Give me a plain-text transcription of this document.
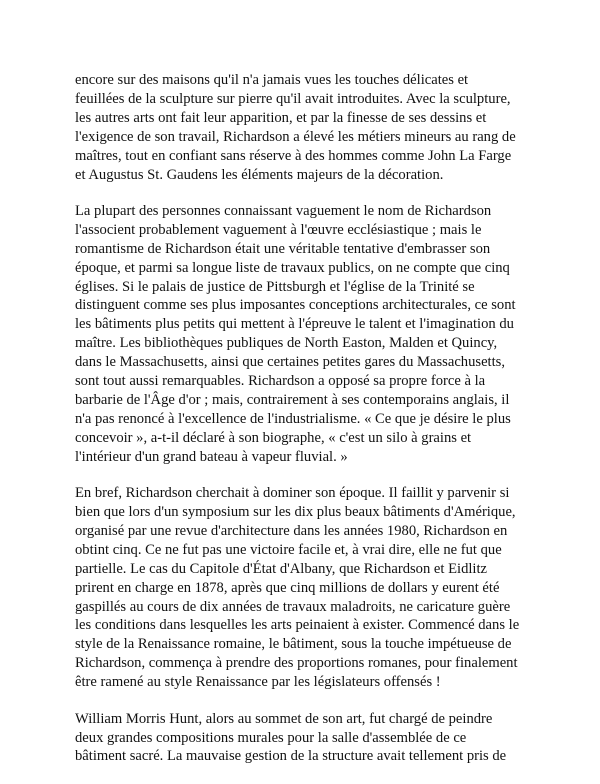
encore sur des maisons qu'il n'a jamais vues les touches délicates et
feuillées de la sculpture sur pierre qu'il avait introduites. Avec la sculpture,
les autres arts ont fait leur apparition, et par la finesse de ses dessins et
l'exigence de son travail, Richardson a élevé les métiers mineurs au rang de
maîtres, tout en confiant sans réserve à des hommes comme John La Farge
et Augustus St. Gaudens les éléments majeurs de la décoration.

La plupart des personnes connaissant vaguement le nom de Richardson
l'associent probablement vaguement à l'œuvre ecclésiastique ; mais le
romantisme de Richardson était une véritable tentative d'embrasser son
époque, et parmi sa longue liste de travaux publics, on ne compte que cinq
églises. Si le palais de justice de Pittsburgh et l'église de la Trinité se
distinguent comme ses plus imposantes conceptions architecturales, ce sont
les bâtiments plus petits qui mettent à l'épreuve le talent et l'imagination du
maître. Les bibliothèques publiques de North Easton, Malden et Quincy,
dans le Massachusetts, ainsi que certaines petites gares du Massachusetts,
sont tout aussi remarquables. Richardson a opposé sa propre force à la
barbarie de l'Âge d'or ; mais, contrairement à ses contemporains anglais, il
n'a pas renoncé à l'excellence de l'industrialisme. « Ce que je désire le plus
concevoir », a-t-il déclaré à son biographe, « c'est un silo à grains et
l'intérieur d'un grand bateau à vapeur fluvial. »

En bref, Richardson cherchait à dominer son époque. Il faillit y parvenir si
bien que lors d'un symposium sur les dix plus beaux bâtiments d'Amérique,
organisé par une revue d'architecture dans les années 1980, Richardson en
obtint cinq. Ce ne fut pas une victoire facile et, à vrai dire, elle ne fut que
partielle. Le cas du Capitole d'État d'Albany, que Richardson et Eidlitz
prirent en charge en 1878, après que cinq millions de dollars y eurent été
gaspillés au cours de dix années de travaux maladroits, ne caricature guère
les conditions dans lesquelles les arts peinaient à exister. Commencé dans le
style de la Renaissance romaine, le bâtiment, sous la touche impétueuse de
Richardson, commença à prendre des proportions romanes, pour finalement
être ramené au style Renaissance par les législateurs offensés !

William Morris Hunt, alors au sommet de son art, fut chargé de peindre
deux grandes compositions murales pour la salle d'assemblée de ce
bâtiment sacré. La mauvaise gestion de la structure avait tellement pris de
